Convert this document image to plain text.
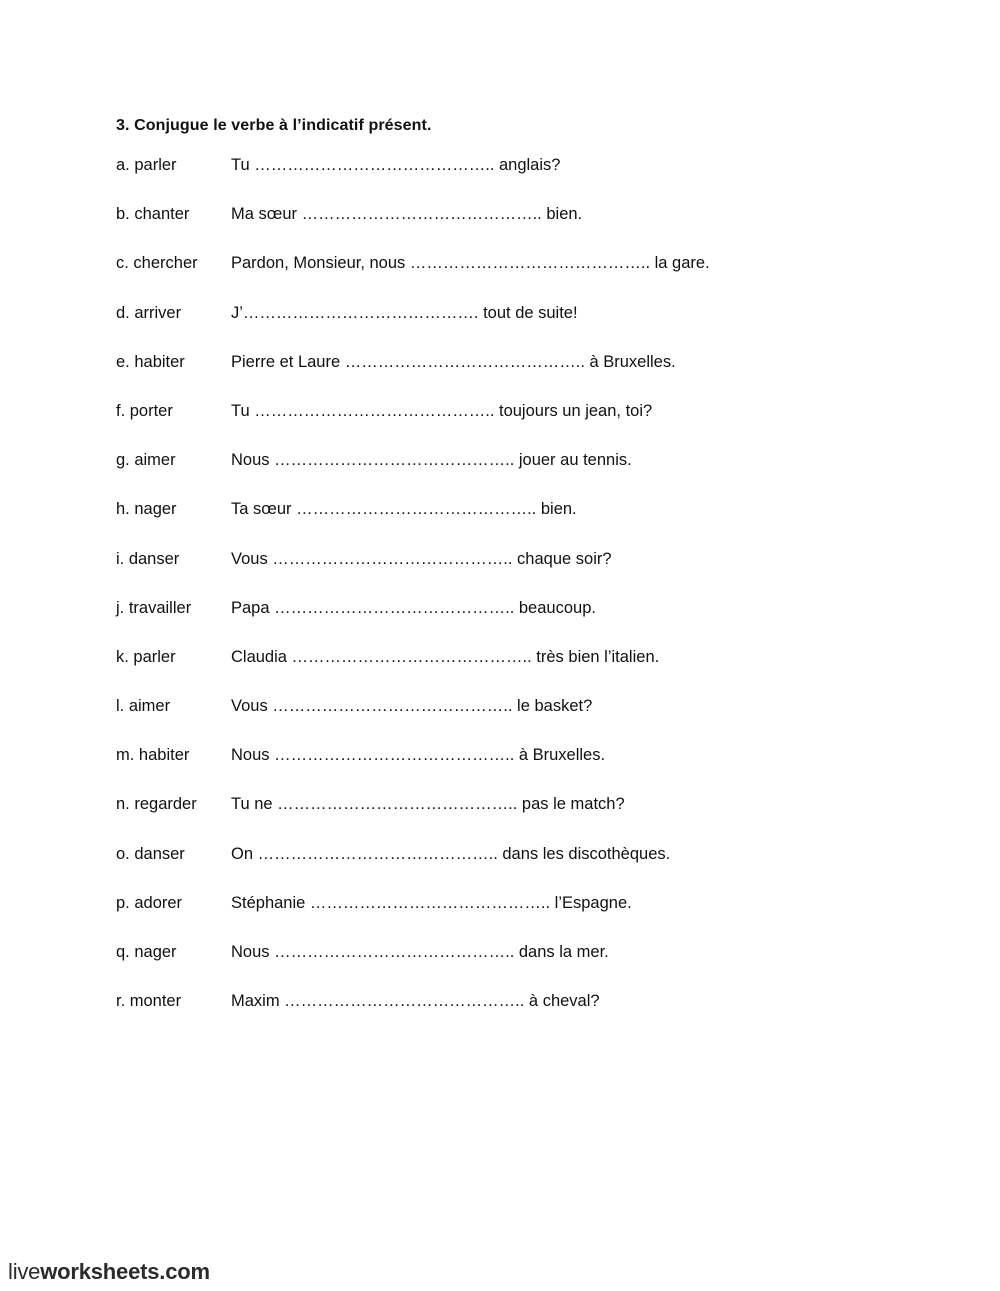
3. Conjugue le verbe à l’indicatif présent.
a. parler	Tu …………………………………….. anglais?
b. chanter	Ma sœur …………………………………….. bien.
c. chercher	Pardon, Monsieur, nous …………………………………….. la gare.
d. arriver	J’……………………………………. tout de suite!
e. habiter	Pierre et Laure …………………………………….. à Bruxelles.
f. porter	Tu …………………………………….. toujours un jean, toi?
g. aimer	Nous …………………………………….. jouer au tennis.
h. nager	Ta sœur …………………………………….. bien.
i. danser	Vous …………………………………….. chaque soir?
j. travailler	Papa …………………………………….. beaucoup.
k. parler	Claudia …………………………………….. très bien l’italien.
l. aimer	Vous …………………………………….. le basket?
m. habiter	Nous …………………………………….. à Bruxelles.
n. regarder	Tu ne …………………………………….. pas le match?
o. danser	On …………………………………….. dans les discothèques.
p. adorer	Stéphanie …………………………………….. l’Espagne.
q. nager	Nous …………………………………….. dans la mer.
r. monter	Maxim …………………………………….. à cheval?
liveworksheets.com
